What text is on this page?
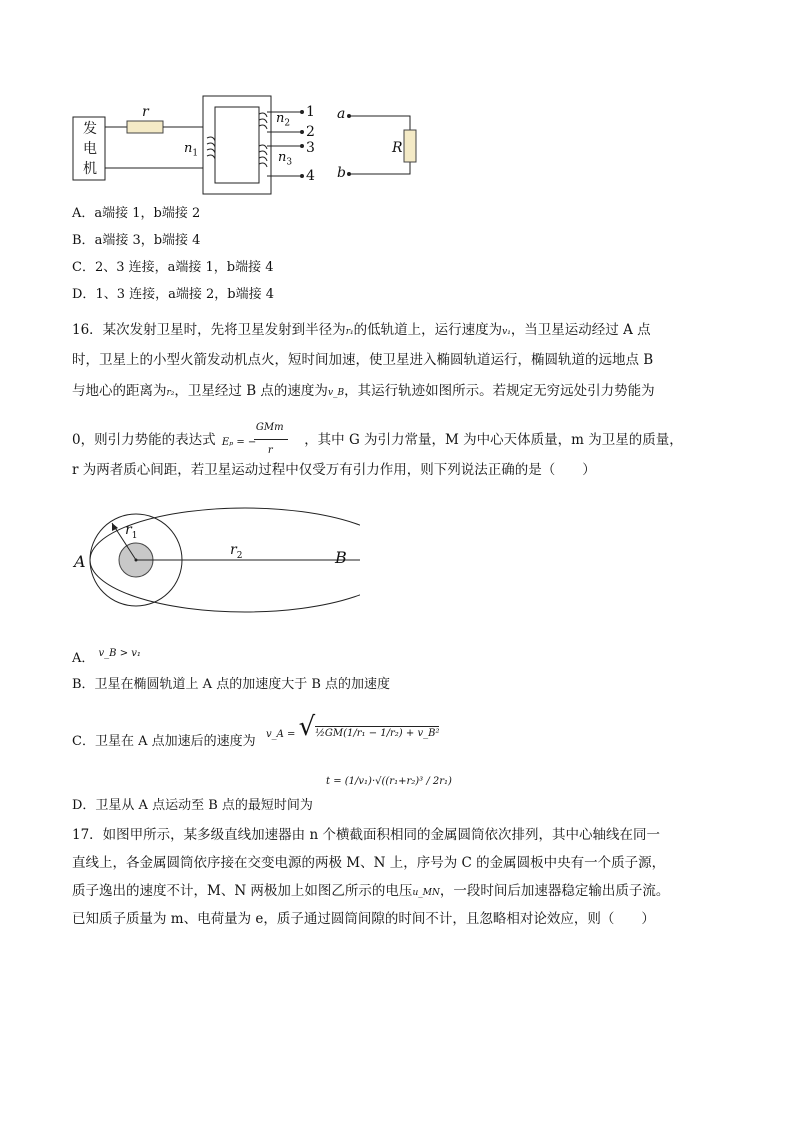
发
电
机
r
$n_1$
$n_2$
$n_3$
1
2
3
4
a
b
R
A．a端接 1，b端接 2
B．a端接 3，b端接 4
C．2、3 连接，a端接 1，b端接 4
D．1、3 连接，a端接 2，b端接 4
16．某次发射卫星时，先将卫星发射到半径为r₁的低轨道上，运行速度为v₁，当卫星运动经过 A 点
时，卫星上的小型火箭发动机点火，短时间加速，使卫星进入椭圆轨道运行，椭圆轨道的远地点 B
与地心的距离为r₂，卫星经过 B 点的速度为v_B，其运行轨迹如图所示。若规定无穷远处引力势能为
0，则引力势能的表达式 Eₚ = −
GMm
r
，其中 G 为引力常量，M 为中心天体质量，m 为卫星的质量，
r 为两者质心间距，若卫星运动过程中仅受万有引力作用，则下列说法正确的是（　　）
A	B
$r_1$
$r_2$
A． $^{v\_B > v_1}$
B．卫星在椭圆轨道上 A 点的加速度大于 B 点的加速度
C．卫星在 A 点加速后的速度为 v_A = √½GM(1/r₁ − 1/r₂) + v_B²
D．卫星从 A 点运动至 B 点的最短时间为
t = (1/v₁)·√((r₁+r₂)³ / 2r₁)
17．如图甲所示，某多级直线加速器由 n 个横截面积相同的金属圆筒依次排列，其中心轴线在同一
直线上，各金属圆筒依序接在交变电源的两极 M、N 上，序号为 C 的金属圆板中央有一个质子源，
质子逸出的速度不计，M、N 两极加上如图乙所示的电压u_MN，一段时间后加速器稳定输出质子流。
已知质子质量为 m、电荷量为 e，质子通过圆筒间隙的时间不计，且忽略相对论效应，则（　　）
